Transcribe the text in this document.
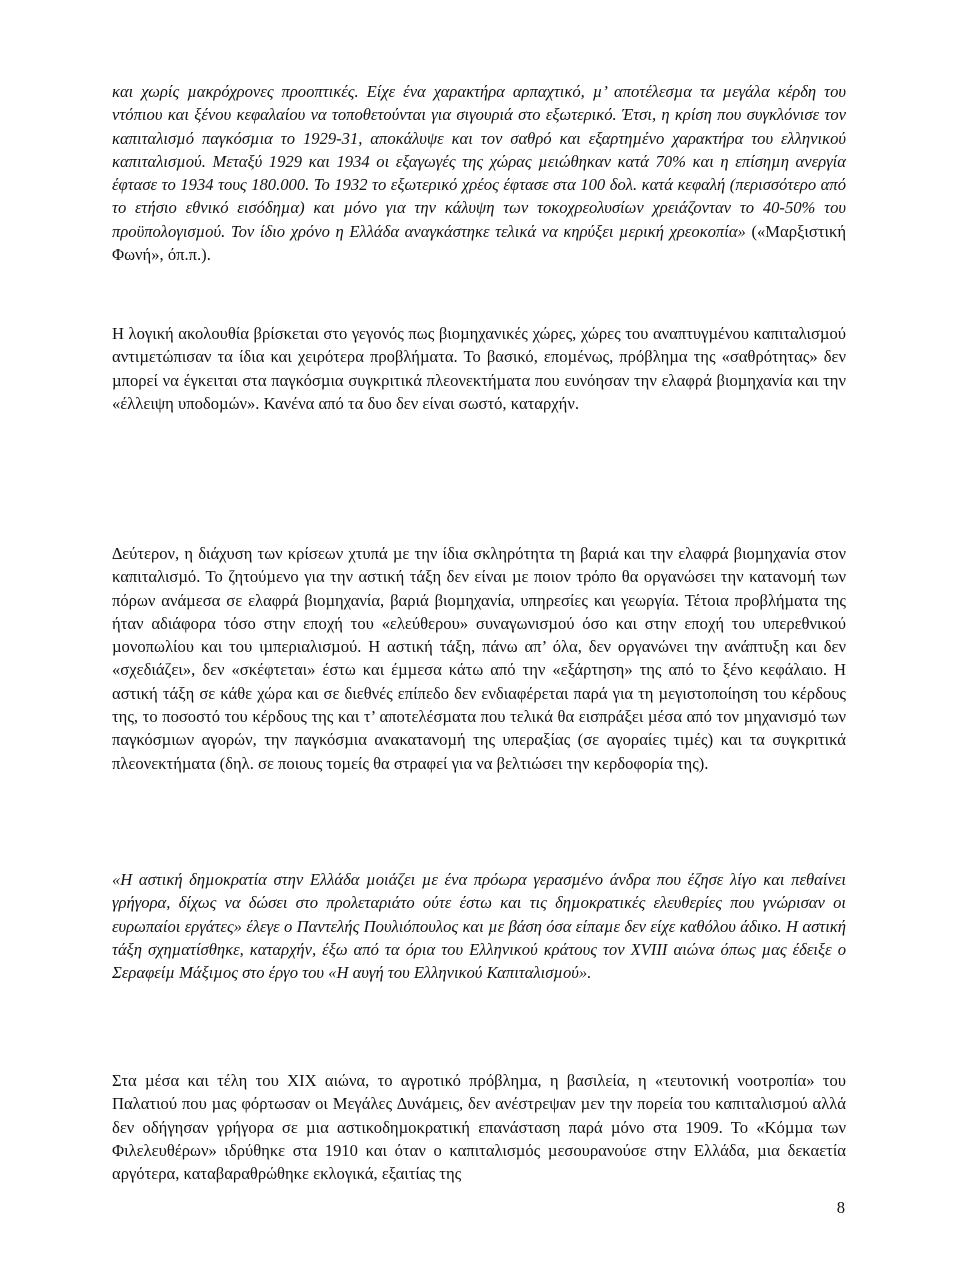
και χωρίς µακρόχρονες προοπτικές. Είχε ένα χαρακτήρα αρπαχτικό, µ’ αποτέλεσµα τα µεγάλα κέρδη του ντόπιου και ξένου κεφαλαίου να τοποθετούνται για σιγουριά στο εξωτερικό. Έτσι, η κρίση που συγκλόνισε τον καπιταλισµό παγκόσµια το 1929-31, αποκάλυψε και τον σαθρό και εξαρτηµένο χαρακτήρα του ελληνικού καπιταλισµού. Μεταξύ 1929 και 1934 οι εξαγωγές της χώρας µειώθηκαν κατά 70% και η επίσηµη ανεργία έφτασε το 1934 τους 180.000. Το 1932 το εξωτερικό χρέος έφτασε στα 100 δολ. κατά κεφαλή (περισσότερο από το ετήσιο εθνικό εισόδηµα) και µόνο για την κάλυψη των τοκοχρεολυσίων χρειάζονταν το 40-50% του προϋπολογισµού. Τον ίδιο χρόνο η Ελλάδα αναγκάστηκε τελικά να κηρύξει µερική χρεοκοπία» («Μαρξιστική Φωνή», όπ.π.).

Η λογική ακολουθία βρίσκεται στο γεγονός πως βιοµηχανικές χώρες, χώρες του αναπτυγµένου καπιταλισµού αντιµετώπισαν τα ίδια και χειρότερα προβλήµατα. Το βασικό, εποµένως, πρόβληµα της «σαθρότητας» δεν µπορεί να έγκειται στα παγκόσµια συγκριτικά πλεονεκτήµατα που ευνόησαν την ελαφρά βιοµηχανία και την «έλλειψη υποδοµών». Κανένα από τα δυο δεν είναι σωστό, καταρχήν.

∆εύτερον, η διάχυση των κρίσεων χτυπά µε την ίδια σκληρότητα τη βαριά και την ελαφρά βιοµηχανία στον καπιταλισµό. Το ζητούµενο για την αστική τάξη δεν είναι µε ποιον τρόπο θα οργανώσει την κατανοµή των πόρων ανάµεσα σε ελαφρά βιοµηχανία, βαριά βιοµηχανία, υπηρεσίες και γεωργία. Τέτοια προβλήµατα της ήταν αδιάφορα τόσο στην εποχή του «ελεύθερου» συναγωνισµού όσο και στην εποχή του υπερεθνικού µονοπωλίου και του ιµπεριαλισµού. Η αστική τάξη, πάνω απ’ όλα, δεν οργανώνει την ανάπτυξη και δεν «σχεδιάζει», δεν «σκέφτεται» έστω και έµµεσα κάτω από την «εξάρτηση» της από το ξένο κεφάλαιο. Η αστική τάξη σε κάθε χώρα και σε διεθνές επίπεδο δεν ενδιαφέρεται παρά για τη µεγιστοποίηση του κέρδους της, το ποσοστό του κέρδους της και τ’ αποτελέσµατα που τελικά θα εισπράξει µέσα από τον µηχανισµό των παγκόσµιων αγορών, την παγκόσµια ανακατανοµή της υπεραξίας (σε αγοραίες τιµές) και τα συγκριτικά πλεονεκτήµατα (δηλ. σε ποιους τοµείς θα στραφεί για να βελτιώσει την κερδοφορία της).

«Η αστική δηµοκρατία στην Ελλάδα µοιάζει µε ένα πρόωρα γερασµένο άνδρα που έζησε λίγο και πεθαίνει γρήγορα, δίχως να δώσει στο προλεταριάτο ούτε έστω και τις δηµοκρατικές ελευθερίες που γνώρισαν οι ευρωπαίοι εργάτες» έλεγε ο Παντελής Πουλιόπουλος και µε βάση όσα είπαµε δεν είχε καθόλου άδικο. Η αστική τάξη σχηµατίσθηκε, καταρχήν, έξω από τα όρια του Ελληνικού κράτους τον XVIII αιώνα όπως µας έδειξε ο Σεραφείµ Μάξιµος στο έργο του «Η αυγή του Ελληνικού Καπιταλισµού».

Στα µέσα και τέλη του XIX αιώνα, το αγροτικό πρόβληµα, η βασιλεία, η «τευτονική νοοτροπία» του Παλατιού που µας φόρτωσαν οι Μεγάλες ∆υνάµεις, δεν ανέστρεψαν µεν την πορεία του καπιταλισµού αλλά δεν οδήγησαν γρήγορα σε µια αστικοδηµοκρατική επανάσταση παρά µόνο στα 1909. Το «Κόµµα των Φιλελευθέρων» ιδρύθηκε στα 1910 και όταν ο καπιταλισµός µεσουρανούσε στην Ελλάδα, µια δεκαετία αργότερα, καταβαραθρώθηκε εκλογικά, εξαιτίας της

8
